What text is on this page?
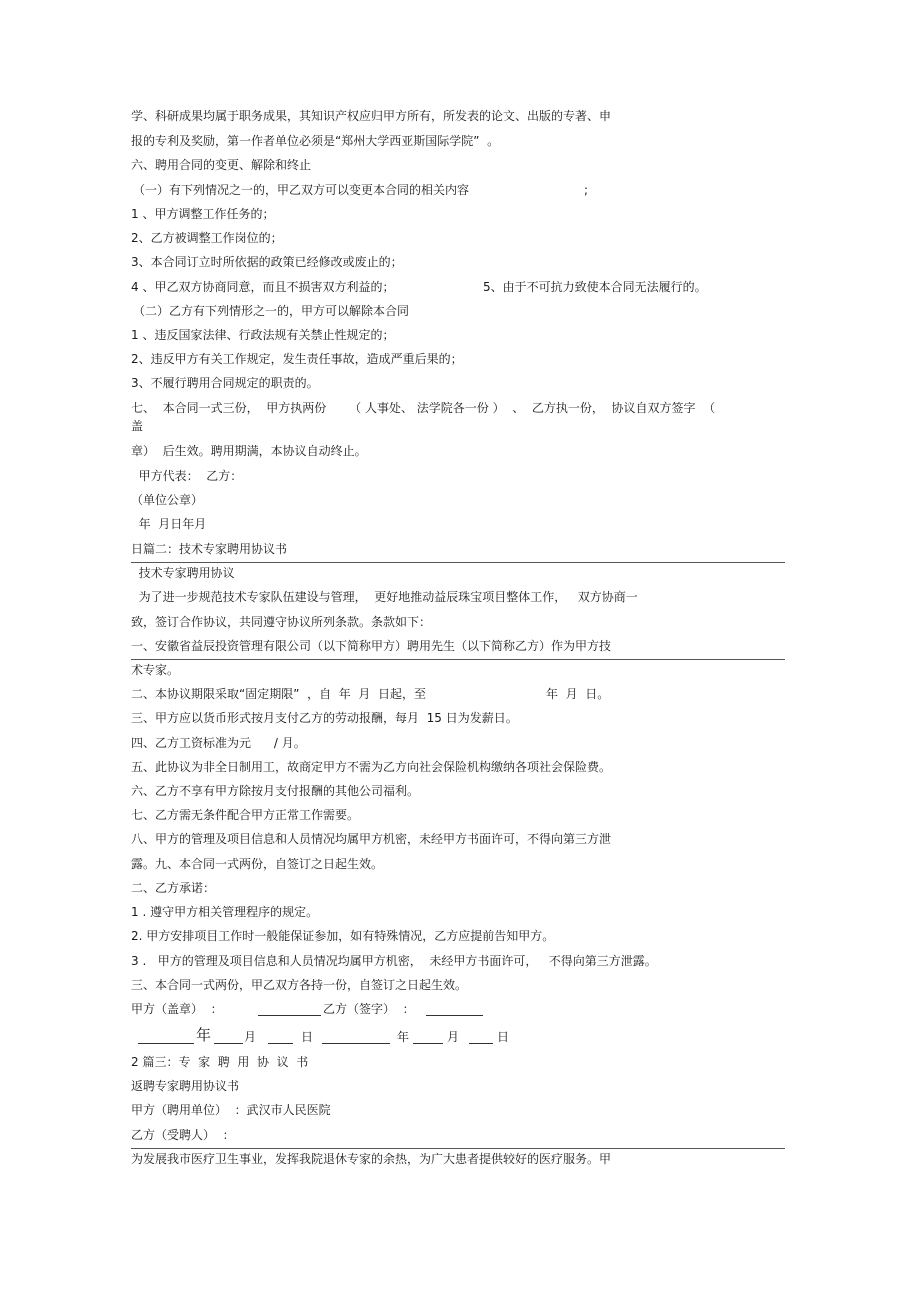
学、科研成果均属于职务成果，其知识产权应归甲方所有，所发表的论文、出版的专著、申
报的专利及奖励，第一作者单位必须是“郑州大学西亚斯国际学院”  。
六、聘用合同的变更、解除和终止
（一）有下列情况之一的，甲乙双方可以变更本合同的相关内容	;
1 、甲方调整工作任务的；
2、乙方被调整工作岗位的；
3、本合同订立时所依据的政策已经修改或废止的；
4 、甲乙双方协商同意，而且不损害双方利益的；	5、由于不可抗力致使本合同无法履行的。
（二）乙方有下列情形之一的，甲方可以解除本合同
1 、违反国家法律、行政法规有关禁止性规定的；
2、违反甲方有关工作规定，发生责任事故，造成严重后果的；
3、不履行聘用合同规定的职责的。
七、  本合同一式三份，  甲方执两份      （ 人事处、 法学院各一份 ）  、  乙方执一份，  协议自双方签字  （
盖
章）  后生效。聘用期满，本协议自动终止。
甲方代表：  乙方：
（单位公章）
年  月日年月
日篇二：技术专家聘用协议书
技术专家聘用协议
为了进一步规范技术专家队伍建设与管理，  更好地推动益辰珠宝项目整体工作，   双方协商一
致，签订合作协议，共同遵守协议所列条款。条款如下：
一、安徽省益辰投资管理有限公司（以下简称甲方）聘用先生（以下简称乙方）作为甲方技
术专家。
二、本协议期限采取“固定期限”  ，自  年  月  日起，至	年  月  日。
三、甲方应以货币形式按月支付乙方的劳动报酬，每月  15 日为发薪日。
四、乙方工资标准为元      / 月。
五、此协议为非全日制用工，故商定甲方不需为乙方向社会保险机构缴纳各项社会保险费。
六、乙方不享有甲方除按月支付报酬的其他公司福利。
七、乙方需无条件配合甲方正常工作需要。
八、甲方的管理及项目信息和人员情况均属甲方机密，未经甲方书面许可，不得向第三方泄
露。九、本合同一式两份，自签订之日起生效。
二、乙方承诺：
1 . 遵守甲方相关管理程序的规定。
2. 甲方安排项目工作时一般能保证参加，如有特殊情况，乙方应提前告知甲方。
3 .   甲方的管理及项目信息和人员情况均属甲方机密，  未经甲方书面许可，   不得向第三方泄露。
三、本合同一式两份，甲乙双方各持一份，自签订之日起生效。
甲方（盖章）  ：	乙方（签字）  ：
年	月	日	年	月	日
2 篇三：专  家  聘  用  协  议  书
返聘专家聘用协议书
甲方（聘用单位）  ：武汉市人民医院
乙方（受聘人）  ：
为发展我市医疗卫生事业，发挥我院退休专家的余热，为广大患者提供较好的医疗服务。甲
